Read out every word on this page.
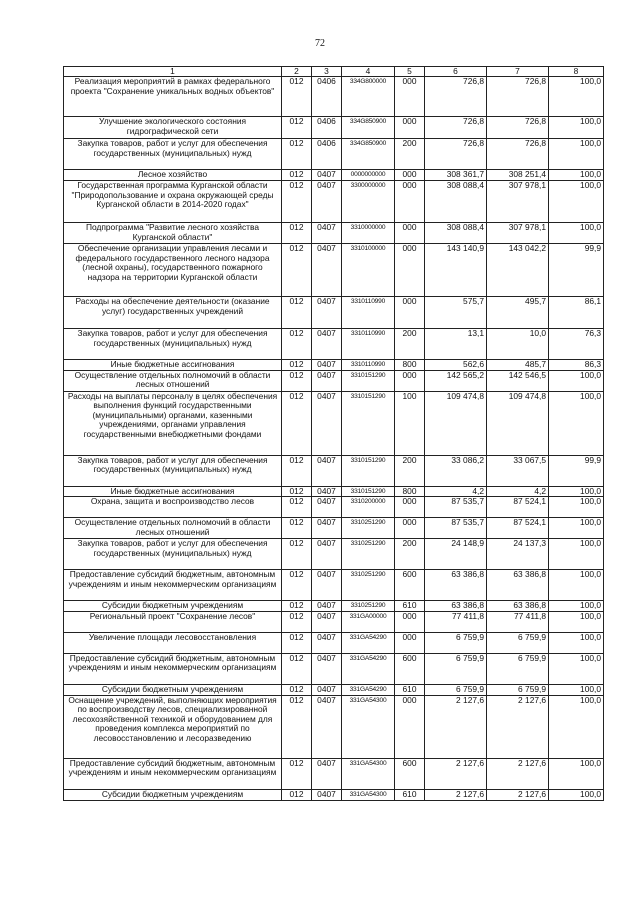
72
1	2	3	4	5	6	7	8
Реализация мероприятий в рамках федерального проекта "Сохранение уникальных водных объектов"	012	0406	334G800000	000	726,8	726,8	100,0
Улучшение экологического состояния гидрографической сети	012	0406	334G850900	000	726,8	726,8	100,0
Закупка товаров, работ и услуг для обеспечения государственных (муниципальных) нужд	012	0406	334G850900	200	726,8	726,8	100,0
Лесное хозяйство	012	0407	0000000000	000	308 361,7	308 251,4	100,0
Государственная программа Курганской области "Природопользование и охрана окружающей среды Курганской области в 2014-2020 годах"	012	0407	3300000000	000	308 088,4	307 978,1	100,0
Подпрограмма "Развитие лесного хозяйства Курганской области"	012	0407	3310000000	000	308 088,4	307 978,1	100,0
Обеспечение организации управления лесами и федерального государственного лесного надзора (лесной охраны), государственного пожарного надзора на территории Курганской области	012	0407	3310100000	000	143 140,9	143 042,2	99,9
Расходы на обеспечение деятельности (оказание услуг) государственных учреждений	012	0407	3310110990	000	575,7	495,7	86,1
Закупка товаров, работ и услуг для обеспечения государственных (муниципальных) нужд	012	0407	3310110990	200	13,1	10,0	76,3
Иные бюджетные ассигнования	012	0407	3310110990	800	562,6	485,7	86,3
Осуществление отдельных полномочий в области лесных отношений	012	0407	3310151290	000	142 565,2	142 546,5	100,0
Расходы на выплаты персоналу в целях обеспечения выполнения функций государственными (муниципальными) органами, казенными учреждениями, органами управления государственными внебюджетными фондами	012	0407	3310151290	100	109 474,8	109 474,8	100,0
Закупка товаров, работ и услуг для обеспечения государственных (муниципальных) нужд	012	0407	3310151290	200	33 086,2	33 067,5	99,9
Иные бюджетные ассигнования	012	0407	3310151290	800	4,2	4,2	100,0
Охрана, защита и воспроизводство лесов	012	0407	3310200000	000	87 535,7	87 524,1	100,0
Осуществление отдельных полномочий в области лесных отношений	012	0407	3310251290	000	87 535,7	87 524,1	100,0
Закупка товаров, работ и услуг для обеспечения государственных (муниципальных) нужд	012	0407	3310251290	200	24 148,9	24 137,3	100,0
Предоставление субсидий бюджетным, автономным учреждениям и иным некоммерческим организациям	012	0407	3310251290	600	63 386,8	63 386,8	100,0
Субсидии бюджетным учреждениям	012	0407	3310251290	610	63 386,8	63 386,8	100,0
Региональный проект "Сохранение лесов"	012	0407	331GA00000	000	77 411,8	77 411,8	100,0
Увеличение площади лесовосстановления	012	0407	331GA54290	000	6 759,9	6 759,9	100,0
Предоставление субсидий бюджетным, автономным учреждениям и иным некоммерческим организациям	012	0407	331GA54290	600	6 759,9	6 759,9	100,0
Субсидии бюджетным учреждениям	012	0407	331GA54290	610	6 759,9	6 759,9	100,0
Оснащение учреждений, выполняющих мероприятия по воспроизводству лесов, специализированной лесохозяйственной техникой и оборудованием для проведения комплекса мероприятий по лесовосстановлению и лесоразведению	012	0407	331GA54300	000	2 127,6	2 127,6	100,0
Предоставление субсидий бюджетным, автономным учреждениям и иным некоммерческим организациям	012	0407	331GA54300	600	2 127,6	2 127,6	100,0
Субсидии бюджетным учреждениям	012	0407	331GA54300	610	2 127,6	2 127,6	100,0
